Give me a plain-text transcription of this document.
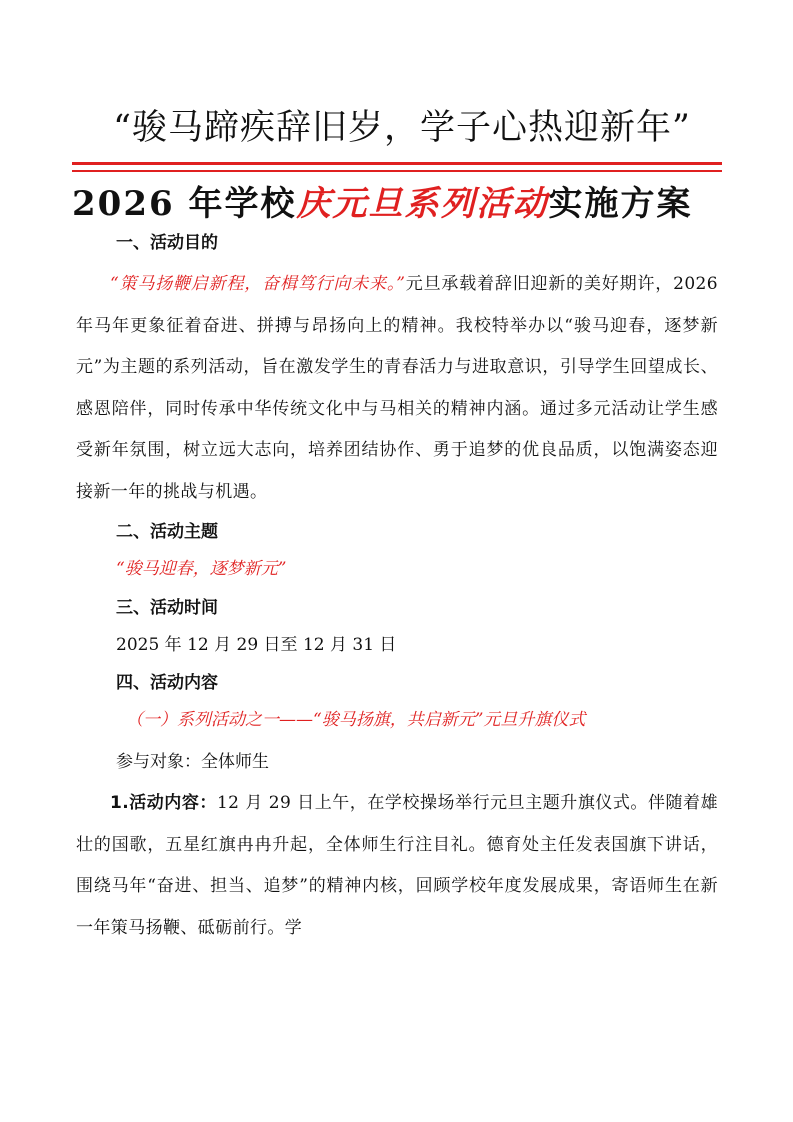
“骏马蹄疾辞旧岁，学子心热迎新年”
2026 年学校庆元旦系列活动实施方案
一、活动目的

“策马扬鞭启新程，奋楫笃行向未来。”元旦承载着辞旧迎新的美好期许，2026 年马年更象征着奋进、拼搏与昂扬向上的精神。我校特举办以“骏马迎春，逐梦新元”为主题的系列活动，旨在激发学生的青春活力与进取意识，引导学生回望成长、感恩陪伴，同时传承中华传统文化中与马相关的精神内涵。通过多元活动让学生感受新年氛围，树立远大志向，培养团结协作、勇于追梦的优良品质，以饱满姿态迎接新一年的挑战与机遇。

二、活动主题
“骏马迎春，逐梦新元”
三、活动时间
2025 年 12 月 29 日至 12 月 31 日
四、活动内容
（一）系列活动之一——“骏马扬旗，共启新元”元旦升旗仪式
参与对象：全体师生

1.活动内容：12 月 29 日上午，在学校操场举行元旦主题升旗仪式。伴随着雄壮的国歌，五星红旗冉冉升起，全体师生行注目礼。德育处主任发表国旗下讲话，围绕马年“奋进、担当、追梦”的精神内核，回顾学校年度发展成果，寄语师生在新一年策马扬鞭、砥砺前行。学
